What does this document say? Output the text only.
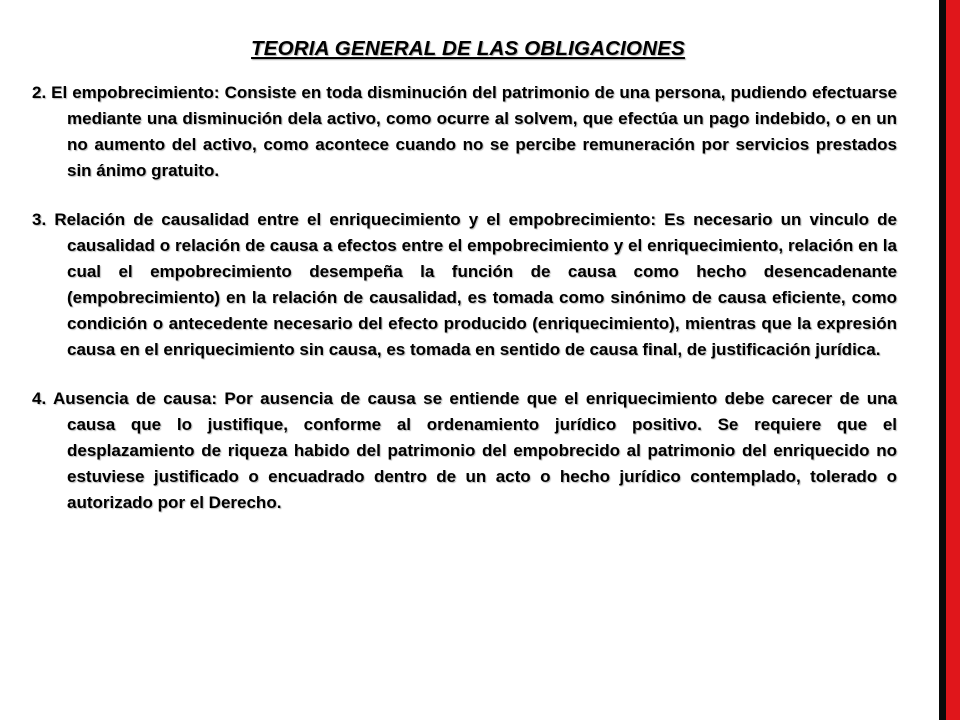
TEORIA GENERAL DE LAS OBLIGACIONES

2. El empobrecimiento: Consiste en toda disminución del patrimonio de una persona, pudiendo efectuarse mediante una disminución dela activo, como ocurre al solvem, que efectúa un pago indebido, o en un no aumento del activo, como acontece cuando no se percibe remuneración por servicios prestados sin ánimo gratuito.

3. Relación de causalidad entre el enriquecimiento y el empobrecimiento: Es necesario un vinculo de causalidad o relación de causa a efectos entre el empobrecimiento y el enriquecimiento, relación en la cual el empobrecimiento desempeña la función de causa como hecho desencadenante (empobrecimiento) en la relación de causalidad, es tomada como sinónimo de causa eficiente, como condición o antecedente necesario del efecto producido (enriquecimiento), mientras que la expresión causa en el enriquecimiento sin causa, es tomada en sentido de causa final, de justificación jurídica.

4. Ausencia de causa: Por ausencia de causa se entiende que el enriquecimiento debe carecer de una causa que lo justifique, conforme al ordenamiento jurídico positivo. Se requiere que el desplazamiento de riqueza habido del patrimonio del empobrecido al patrimonio del enriquecido no estuviese justificado o encuadrado dentro de un acto o hecho jurídico contemplado, tolerado o autorizado por el Derecho.
